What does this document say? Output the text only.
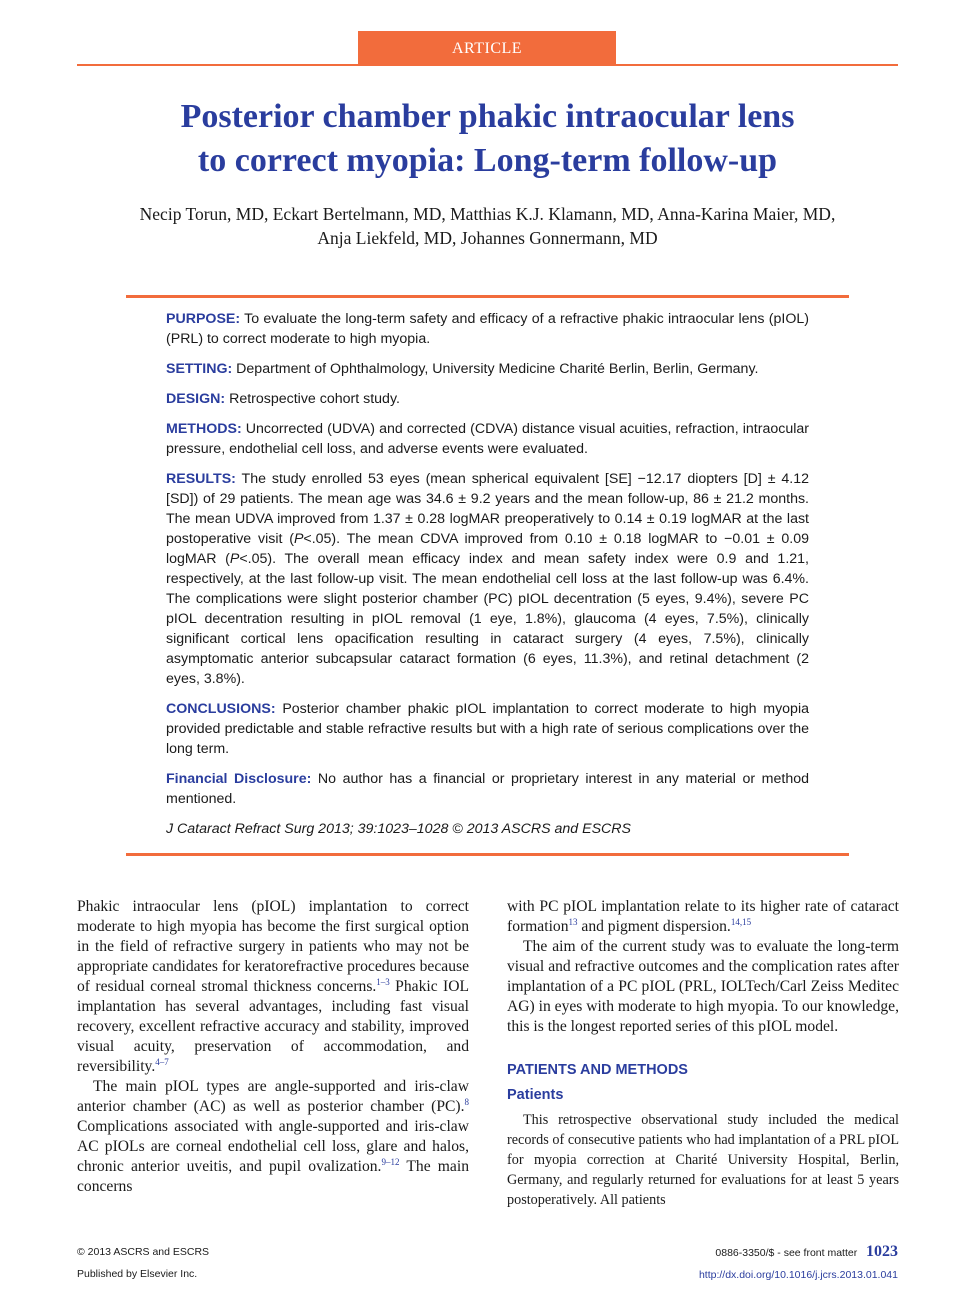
ARTICLE
Posterior chamber phakic intraocular lens
to correct myopia: Long-term follow-up
Necip Torun, MD, Eckart Bertelmann, MD, Matthias K.J. Klamann, MD, Anna-Karina Maier, MD,
Anja Liekfeld, MD, Johannes Gonnermann, MD

PURPOSE: To evaluate the long-term safety and efficacy of a refractive phakic intraocular lens (pIOL) (PRL) to correct moderate to high myopia.

SETTING: Department of Ophthalmology, University Medicine Charité Berlin, Berlin, Germany.

DESIGN: Retrospective cohort study.

METHODS: Uncorrected (UDVA) and corrected (CDVA) distance visual acuities, refraction, intraocular pressure, endothelial cell loss, and adverse events were evaluated.

RESULTS: The study enrolled 53 eyes (mean spherical equivalent [SE] −12.17 diopters [D] ± 4.12 [SD]) of 29 patients. The mean age was 34.6 ± 9.2 years and the mean follow-up, 86 ± 21.2 months. The mean UDVA improved from 1.37 ± 0.28 logMAR preoperatively to 0.14 ± 0.19 logMAR at the last postoperative visit (P<.05). The mean CDVA improved from 0.10 ± 0.18 logMAR to −0.01 ± 0.09 logMAR (P<.05). The overall mean efficacy index and mean safety index were 0.9 and 1.21, respectively, at the last follow-up visit. The mean endothelial cell loss at the last follow-up was 6.4%. The complications were slight posterior chamber (PC) pIOL decentration (5 eyes, 9.4%), severe PC pIOL decentration resulting in pIOL removal (1 eye, 1.8%), glaucoma (4 eyes, 7.5%), clinically significant cortical lens opacification resulting in cataract surgery (4 eyes, 7.5%), clinically asymptomatic anterior subcapsular cataract formation (6 eyes, 11.3%), and retinal detachment (2 eyes, 3.8%).

CONCLUSIONS: Posterior chamber phakic pIOL implantation to correct moderate to high myopia provided predictable and stable refractive results but with a high rate of serious complications over the long term.

Financial Disclosure: No author has a financial or proprietary interest in any material or method mentioned.

J Cataract Refract Surg 2013; 39:1023–1028 © 2013 ASCRS and ESCRS

Phakic intraocular lens (pIOL) implantation to correct moderate to high myopia has become the first surgical option in the field of refractive surgery in patients who may not be appropriate candidates for keratorefractive procedures because of residual corneal stromal thickness concerns.$^{1-3}$ Phakic IOL implantation has several advantages, including fast visual recovery, excellent refractive accuracy and stability, improved visual acuity, preservation of accommodation, and reversibility.$^{4-7}$

The main pIOL types are angle-supported and iris-claw anterior chamber (AC) as well as posterior chamber (PC).$^8$ Complications associated with angle-supported and iris-claw AC pIOLs are corneal endothelial cell loss, glare and halos, chronic anterior uveitis, and pupil ovalization.$^{9-12}$ The main concerns

with PC pIOL implantation relate to its higher rate of cataract formation$^{13}$ and pigment dispersion.$^{14,15}$

The aim of the current study was to evaluate the long-term visual and refractive outcomes and the complication rates after implantation of a PC pIOL (PRL, IOLTech/Carl Zeiss Meditec AG) in eyes with moderate to high myopia. To our knowledge, this is the longest reported series of this pIOL model.

PATIENTS AND METHODS

Patients

This retrospective observational study included the medical records of consecutive patients who had implantation of a PRL pIOL for myopia correction at Charité University Hospital, Berlin, Germany, and regularly returned for evaluations for at least 5 years postoperatively. All patients

© 2013 ASCRS and ESCRS
Published by Elsevier Inc.
0886-3350/$ - see front matter 1023
http://dx.doi.org/10.1016/j.jcrs.2013.01.041
